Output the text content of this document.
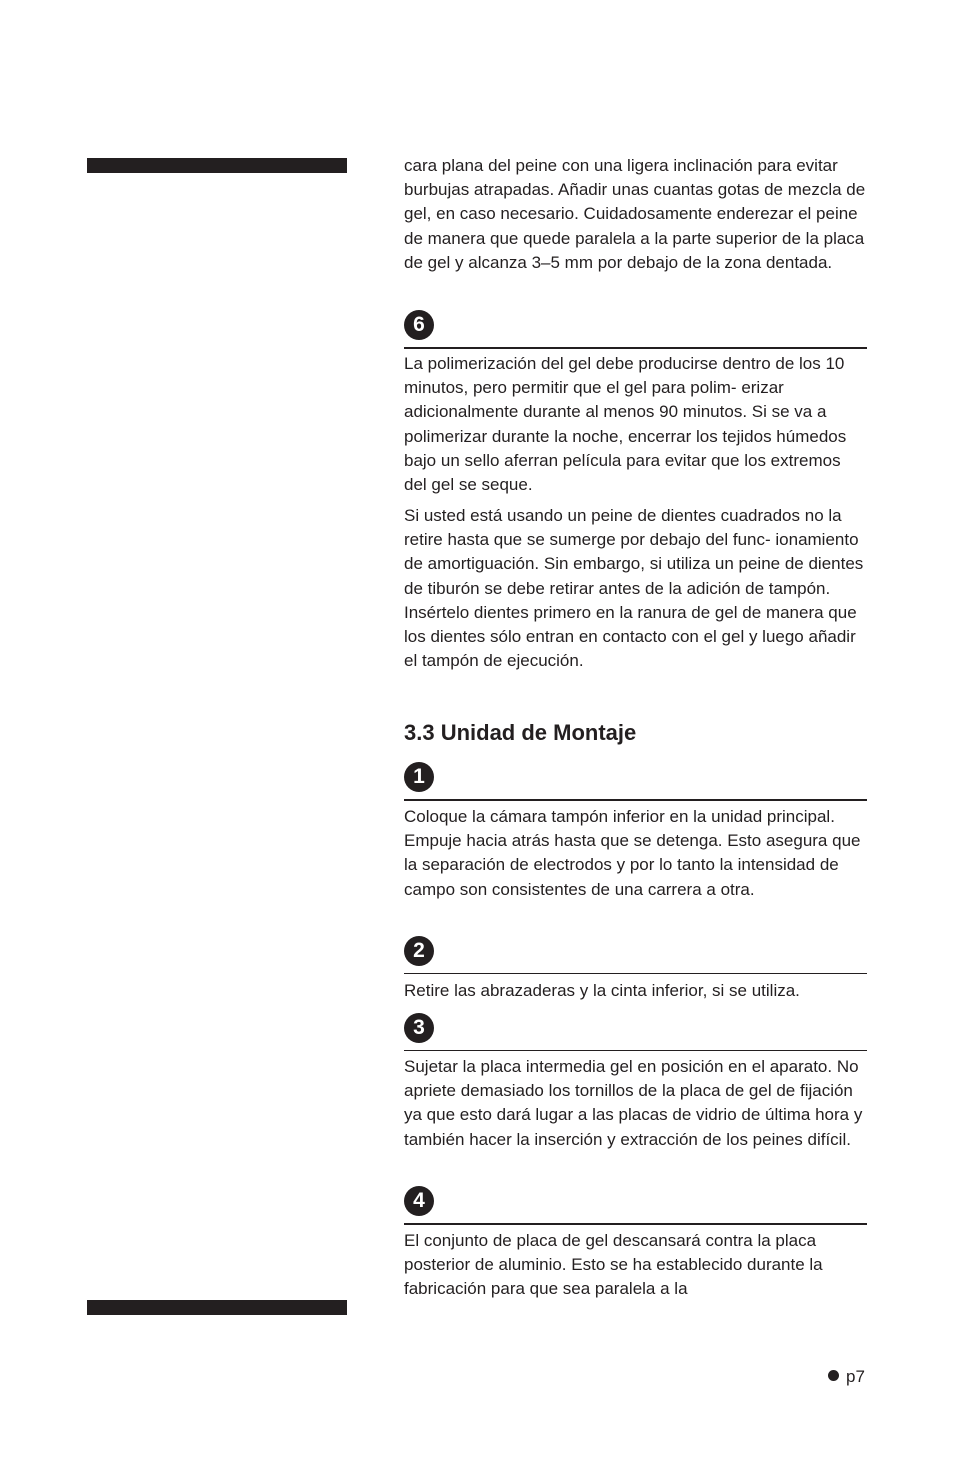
cara plana del peine con una ligera inclinación para evitar burbujas atrapadas. Añadir unas cuantas gotas de mezcla de gel, en caso necesario. Cuidadosamente enderezar el peine de manera que quede paralela a la parte superior de la placa de gel y alcanza 3–5 mm por debajo de la zona dentada.

6

La polimerización del gel debe producirse dentro de los 10 minutos, pero permitir que el gel para polim- erizar adicionalmente durante al menos 90 minutos. Si se va a polimerizar durante la noche, encerrar los tejidos húmedos bajo un sello aferran película para evitar que los extremos del gel se seque.

Si usted está usando un peine de dientes cuadrados no la retire hasta que se sumerge por debajo del func- ionamiento de amortiguación. Sin embargo, si utiliza un peine de dientes de tiburón se debe retirar antes de la adición de tampón. Insértelo dientes primero en la ranura de gel de manera que los dientes sólo entran en contacto con el gel y luego añadir el tampón de ejecución.

3.3 Unidad de Montaje
1

Coloque la cámara tampón inferior en la unidad principal. Empuje hacia atrás hasta que se detenga. Esto asegura que la separación de electrodos y por lo tanto la intensidad de campo son consistentes de una carrera a otra.

2

Retire las abrazaderas y la cinta inferior, si se utiliza.

3

Sujetar la placa intermedia gel en posición en el aparato. No apriete demasiado los tornillos de la placa de gel de fijación ya que esto dará lugar a las placas de vidrio de última hora y también hacer la inserción y extracción de los peines difícil.

4

El conjunto de placa de gel descansará contra la placa posterior de aluminio. Esto se ha establecido durante la fabricación para que sea paralela a la

p7
